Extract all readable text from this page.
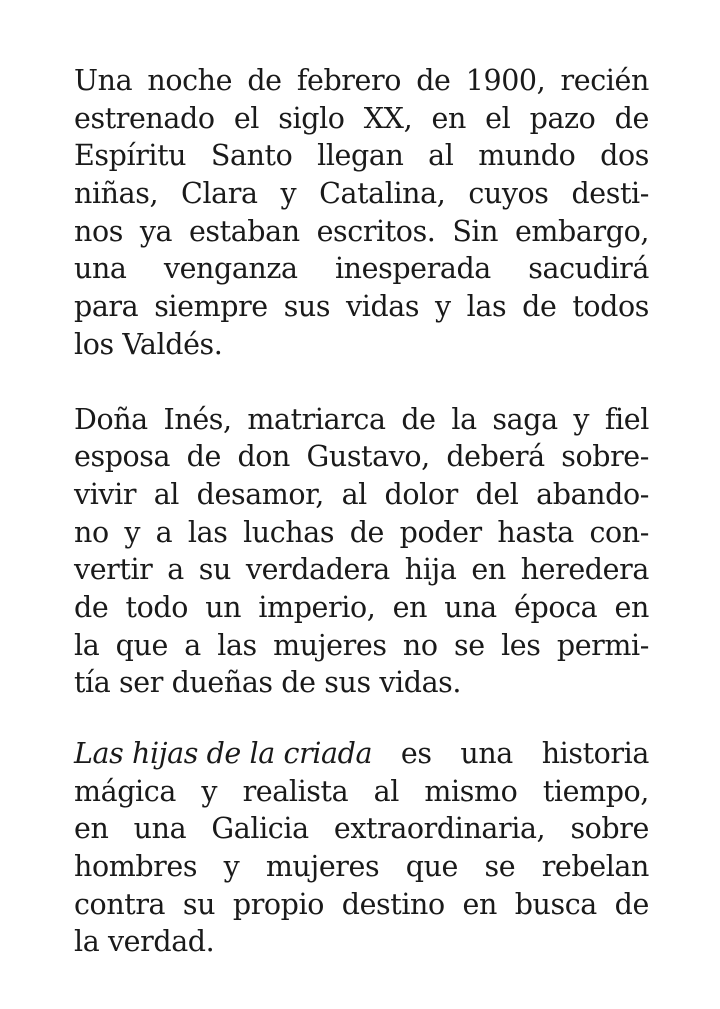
Una noche de febrero de 1900, recién
estrenado el siglo XX, en el pazo de
Espíritu Santo llegan al mundo dos
niñas, Clara y Catalina, cuyos desti-
nos ya estaban escritos. Sin embargo,
una venganza inesperada sacudirá
para siempre sus vidas y las de todos
los Valdés.
Doña Inés, matriarca de la saga y fiel
esposa de don Gustavo, deberá sobre-
vivir al desamor, al dolor del abando-
no y a las luchas de poder hasta con-
vertir a su verdadera hija en heredera
de todo un imperio, en una época en
la que a las mujeres no se les permi-
tía ser dueñas de sus vidas.
Las hijas de la criada es una historia
mágica y realista al mismo tiempo,
en una Galicia extraordinaria, sobre
hombres y mujeres que se rebelan
contra su propio destino en busca de
la verdad.
